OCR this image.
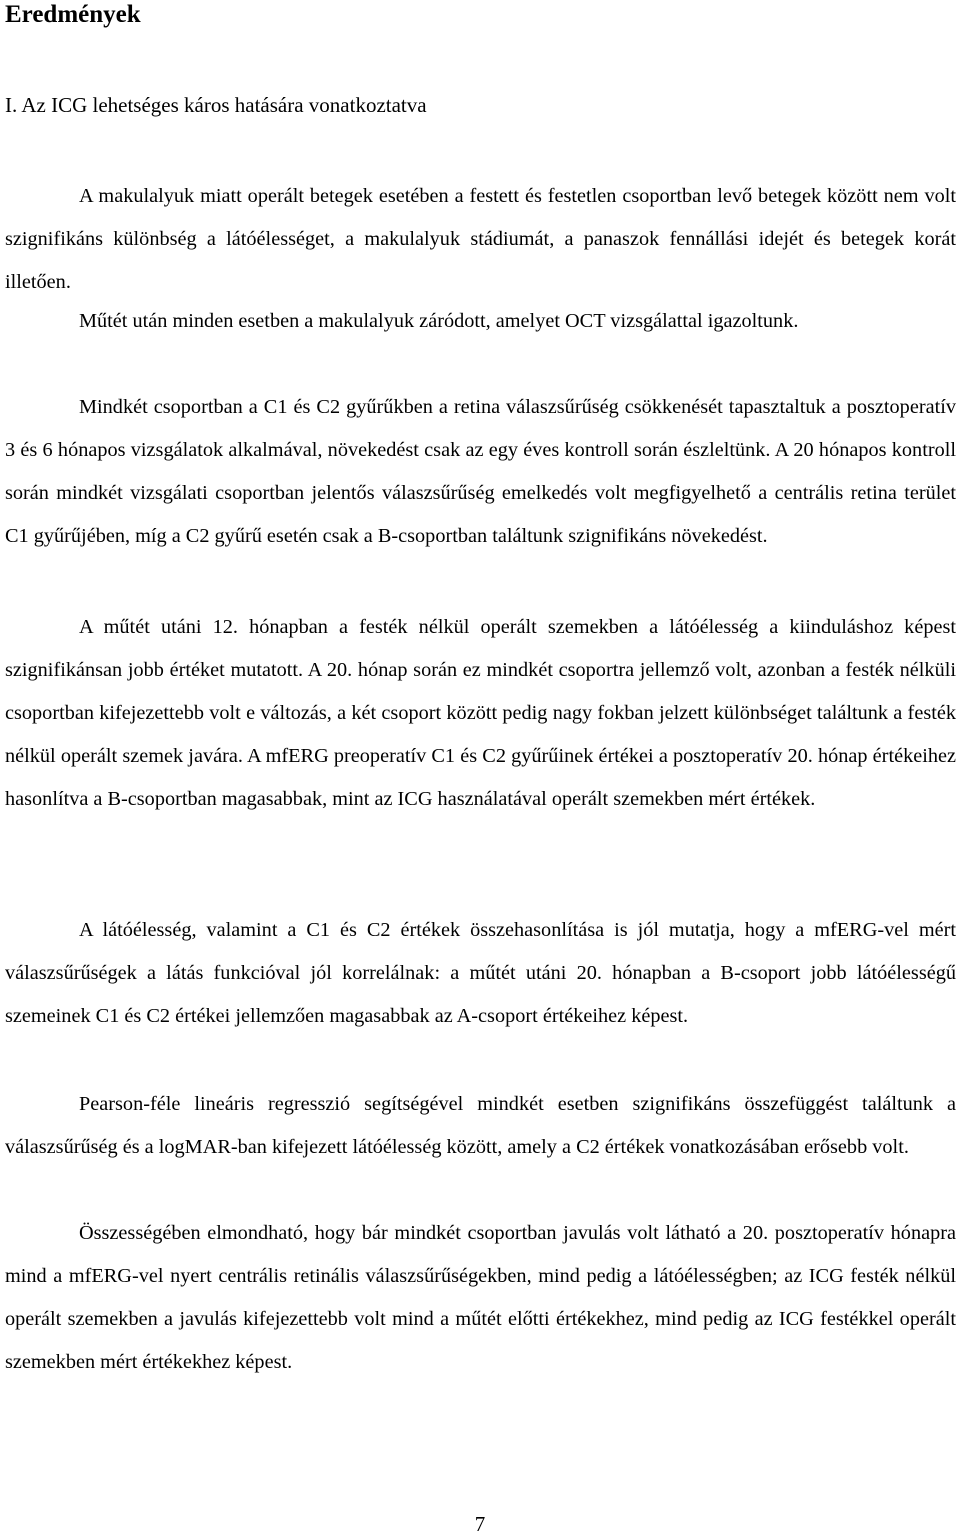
Eredmények
I. Az ICG lehetséges káros hatására vonatkoztatva

A makulalyuk miatt operált betegek esetében a festett és festetlen csoportban levő betegek között nem volt szignifikáns különbség a látóélességet, a makulalyuk stádiumát, a panaszok fennállási idejét és betegek korát illetően.

Műtét után minden esetben a makulalyuk záródott, amelyet OCT vizsgálattal igazoltunk.

Mindkét csoportban a C1 és C2 gyűrűkben a retina válaszsűrűség csökkenését tapasztaltuk a posztoperatív 3 és 6 hónapos vizsgálatok alkalmával, növekedést csak az egy éves kontroll során észleltünk. A 20 hónapos kontroll során mindkét vizsgálati csoportban jelentős válaszsűrűség emelkedés volt megfigyelhető a centrális retina terület C1 gyűrűjében, míg a C2 gyűrű esetén csak a B-csoportban találtunk szignifikáns növekedést.

A műtét utáni 12. hónapban a festék nélkül operált szemekben a látóélesség a kiinduláshoz képest szignifikánsan jobb értéket mutatott. A 20. hónap során ez mindkét csoportra jellemző volt, azonban a festék nélküli csoportban kifejezettebb volt e változás, a két csoport között pedig nagy fokban jelzett különbséget találtunk a festék nélkül operált szemek javára. A mfERG preoperatív C1 és C2 gyűrűinek értékei a posztoperatív 20. hónap értékeihez hasonlítva a B-csoportban magasabbak, mint az ICG használatával operált szemekben mért értékek.

A látóélesség, valamint a C1 és C2 értékek összehasonlítása is jól mutatja, hogy a mfERG-vel mért válaszsűrűségek a látás funkcióval jól korrelálnak: a műtét utáni 20. hónapban a B-csoport jobb látóélességű szemeinek C1 és C2 értékei jellemzően magasabbak az A-csoport értékeihez képest.

Pearson-féle lineáris regresszió segítségével mindkét esetben szignifikáns összefüggést találtunk a válaszsűrűség és a logMAR-ban kifejezett látóélesség között, amely a C2 értékek vonatkozásában erősebb volt.

Összességében elmondható, hogy bár mindkét csoportban javulás volt látható a 20. posztoperatív hónapra mind a mfERG-vel nyert centrális retinális válaszsűrűségekben, mind pedig a látóélességben; az ICG festék nélkül operált szemekben a javulás kifejezettebb volt mind a műtét előtti értékekhez, mind pedig az ICG festékkel operált szemekben mért értékekhez képest.

7
